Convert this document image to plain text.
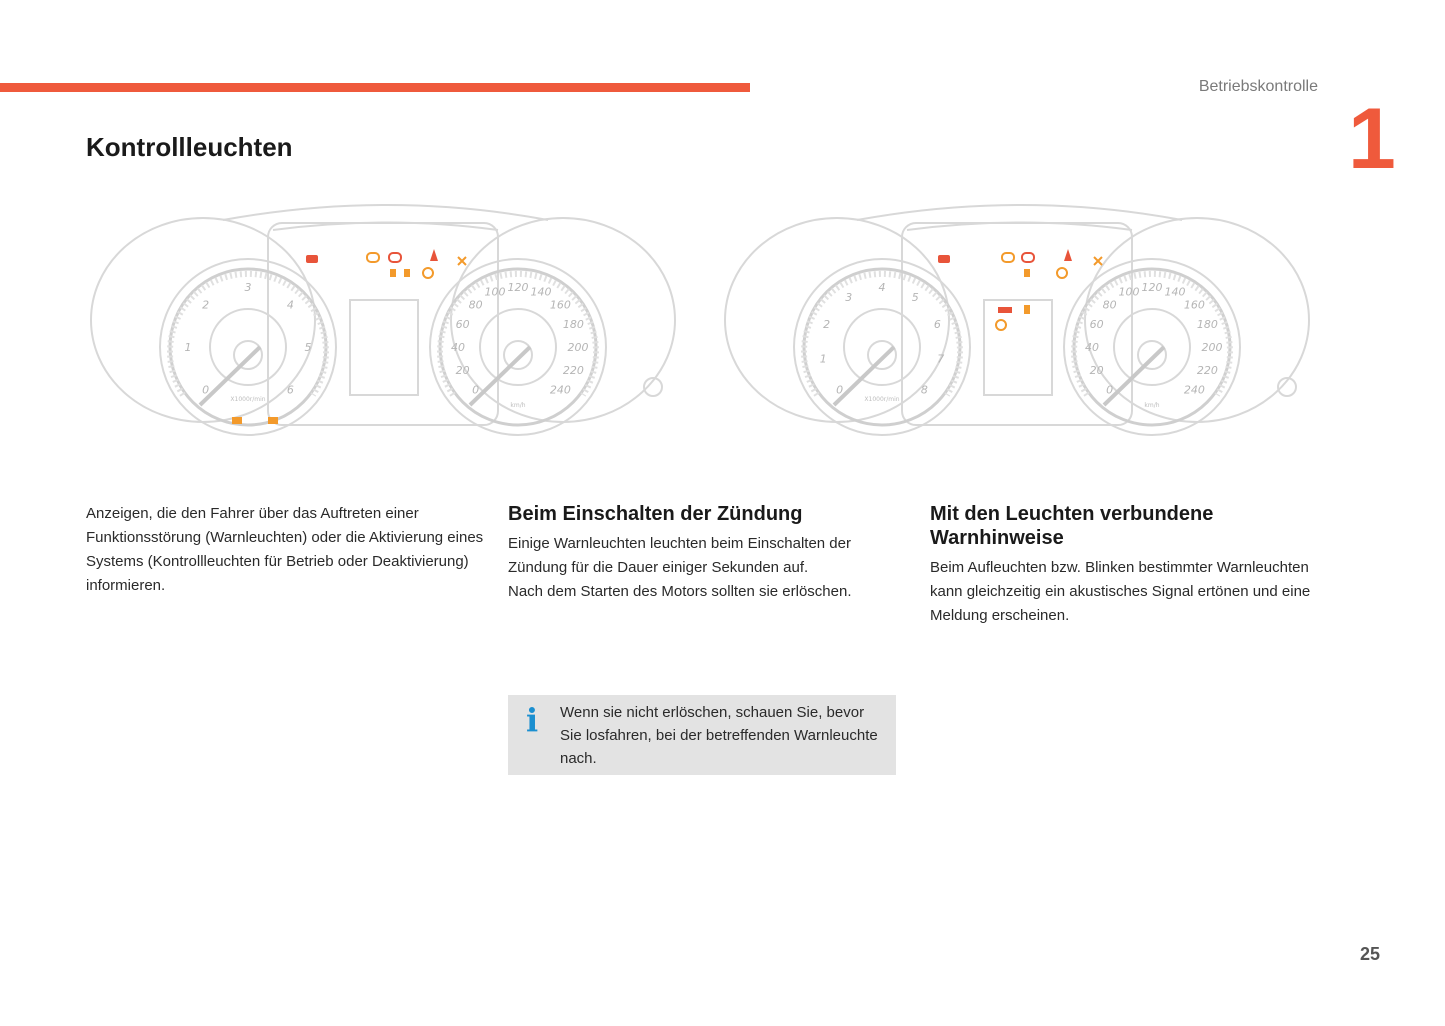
Betriebskontrolle
1
Kontrollleuchten
0
1
2
3
4
5
6	0
20
40
60
80
100 120 140
160
180
200
220
240
X1000r/min
km/h
0
1
2
3
4
5
6
7
8	0
20
40
60
80
100 120 140
160
180
200
220
240
X1000r/min
km/h

Anzeigen, die den Fahrer über das Auftreten einer Funktionsstörung (Warnleuchten) oder die Aktivierung eines Systems (Kontrollleuchten für Betrieb oder Deaktivierung) informieren.

Beim Einschalten der Zündung

Einige Warnleuchten leuchten beim Einschalten der Zündung für die Dauer einiger Sekunden auf.

Nach dem Starten des Motors sollten sie erlöschen.

Mit den Leuchten verbundene Warnhinweise

Beim Aufleuchten bzw. Blinken bestimmter Warnleuchten kann gleichzeitig ein akustisches Signal ertönen und eine Meldung erscheinen.

i Wenn sie nicht erlöschen, schauen Sie, bevor Sie losfahren, bei der betreffenden Warnleuchte nach.
25
